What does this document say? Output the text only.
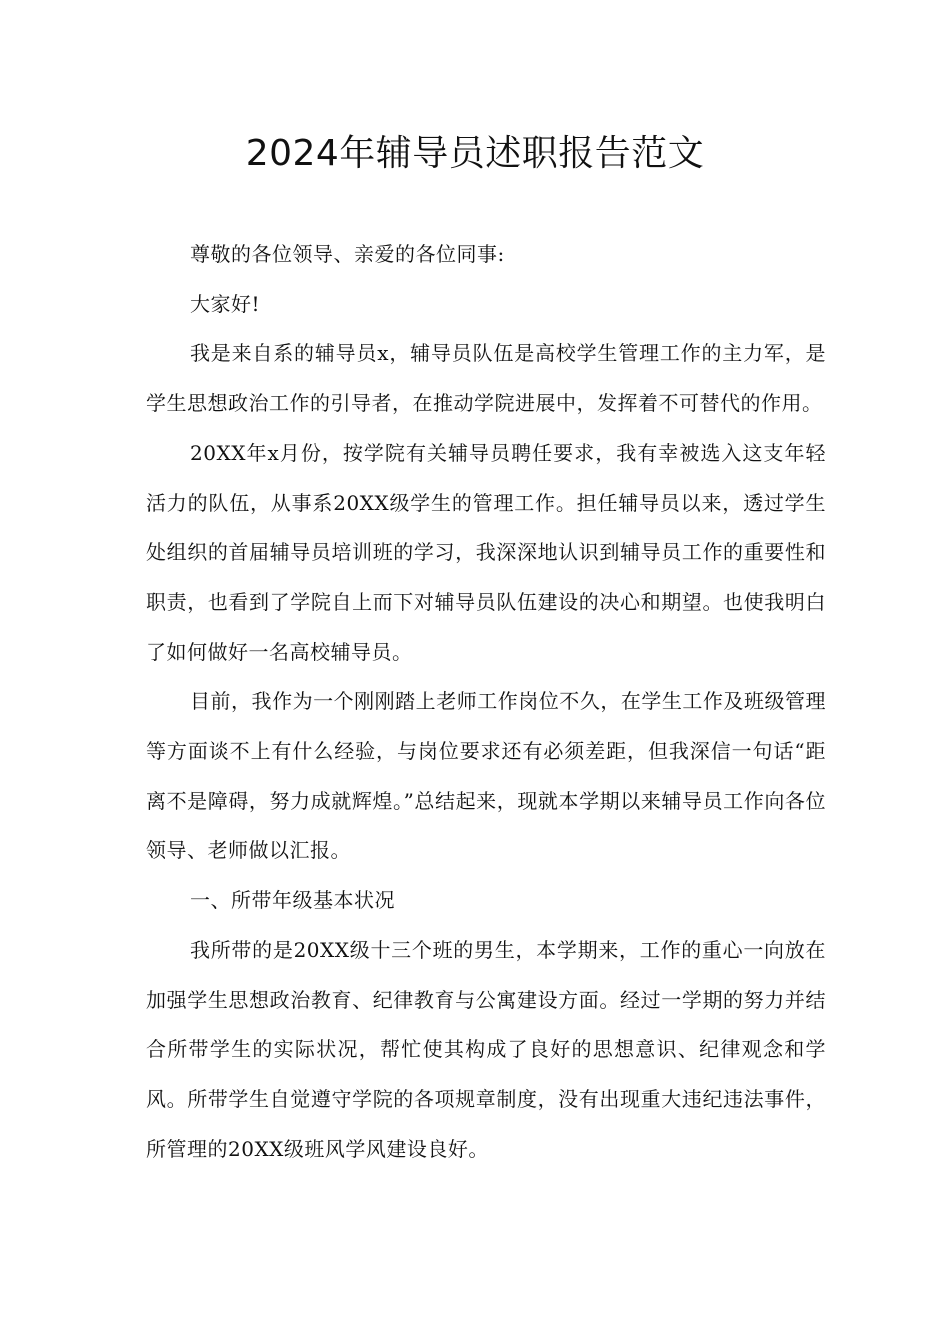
2024年辅导员述职报告范文

尊敬的各位领导、亲爱的各位同事:

大家好!

我是来自系的辅导员x，辅导员队伍是高校学生管理工作的主力军，是学生思想政治工作的引导者，在推动学院进展中，发挥着不可替代的作用。

20XX年x月份，按学院有关辅导员聘任要求，我有幸被选入这支年轻活力的队伍，从事系20XX级学生的管理工作。担任辅导员以来，透过学生处组织的首届辅导员培训班的学习，我深深地认识到辅导员工作的重要性和职责，也看到了学院自上而下对辅导员队伍建设的决心和期望。也使我明白了如何做好一名高校辅导员。

目前，我作为一个刚刚踏上老师工作岗位不久，在学生工作及班级管理等方面谈不上有什么经验，与岗位要求还有必须差距，但我深信一句话“距离不是障碍，努力成就辉煌。”总结起来，现就本学期以来辅导员工作向各位领导、老师做以汇报。

一、所带年级基本状况

我所带的是20XX级十三个班的男生，本学期来，工作的重心一向放在加强学生思想政治教育、纪律教育与公寓建设方面。经过一学期的努力并结合所带学生的实际状况，帮忙使其构成了良好的思想意识、纪律观念和学风。所带学生自觉遵守学院的各项规章制度，没有出现重大违纪违法事件，所管理的20XX级班风学风建设良好。
